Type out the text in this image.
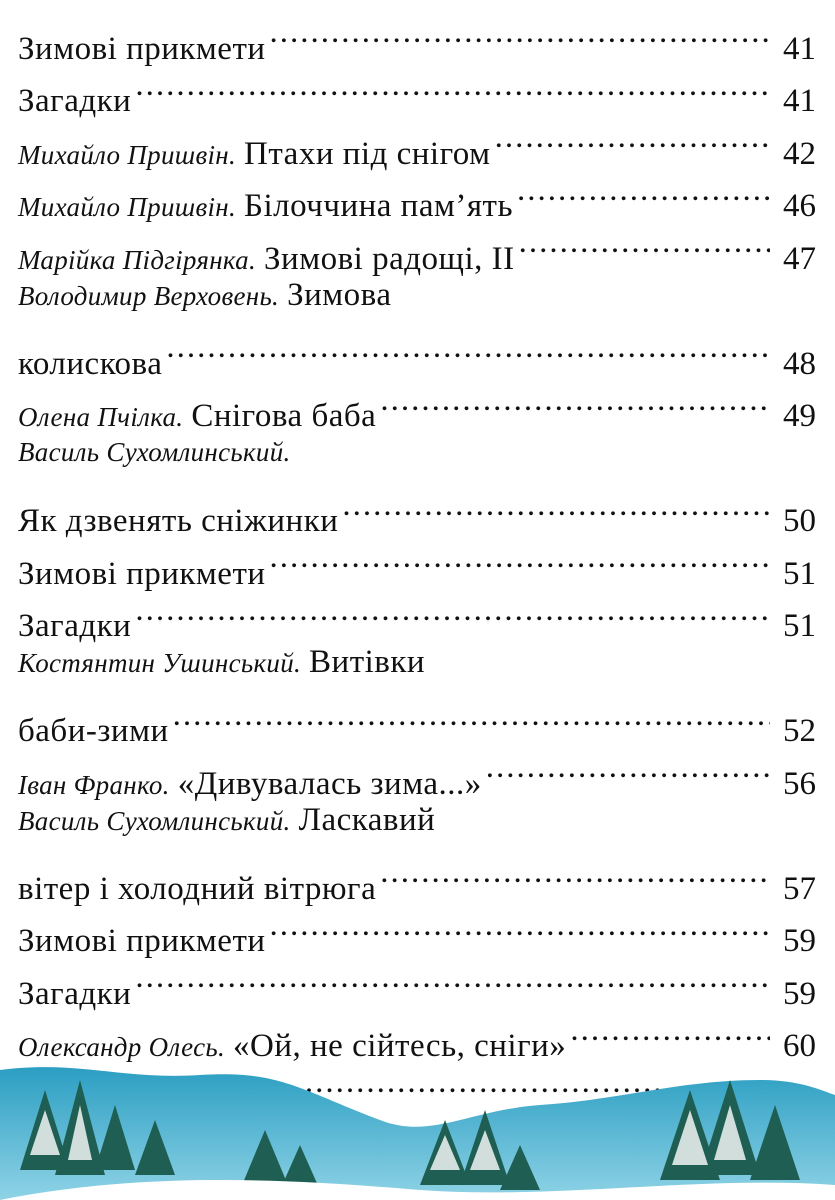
Зимові прикмети .....	41
Загадки .....	41
Михайло Пришвін. Птахи під снігом .....	42
Михайло Пришвін. Білоччина пам’ять .....	46
Марійка Підгірянка. Зимові радощі, ІІ .....	47
Володимир Верховень. Зимова
колискова .....	48
Олена Пчілка. Снігова баба .....	49
Василь Сухомлинський.
Як дзвенять сніжинки .....	50
Зимові прикмети .....	51
Загадки .....	51
Костянтин Ушинський. Витівки
баби-зими .....	52
Іван Франко. «Дивувалась зима...» .....	56
Василь Сухомлинський. Ласкавий
вітер і холодний вітрюга .....	57
Зимові прикмети .....	59
Загадки .....	59
Олександр Олесь. «Ой, не сійтесь, сніги» .....	60
.....
.....
